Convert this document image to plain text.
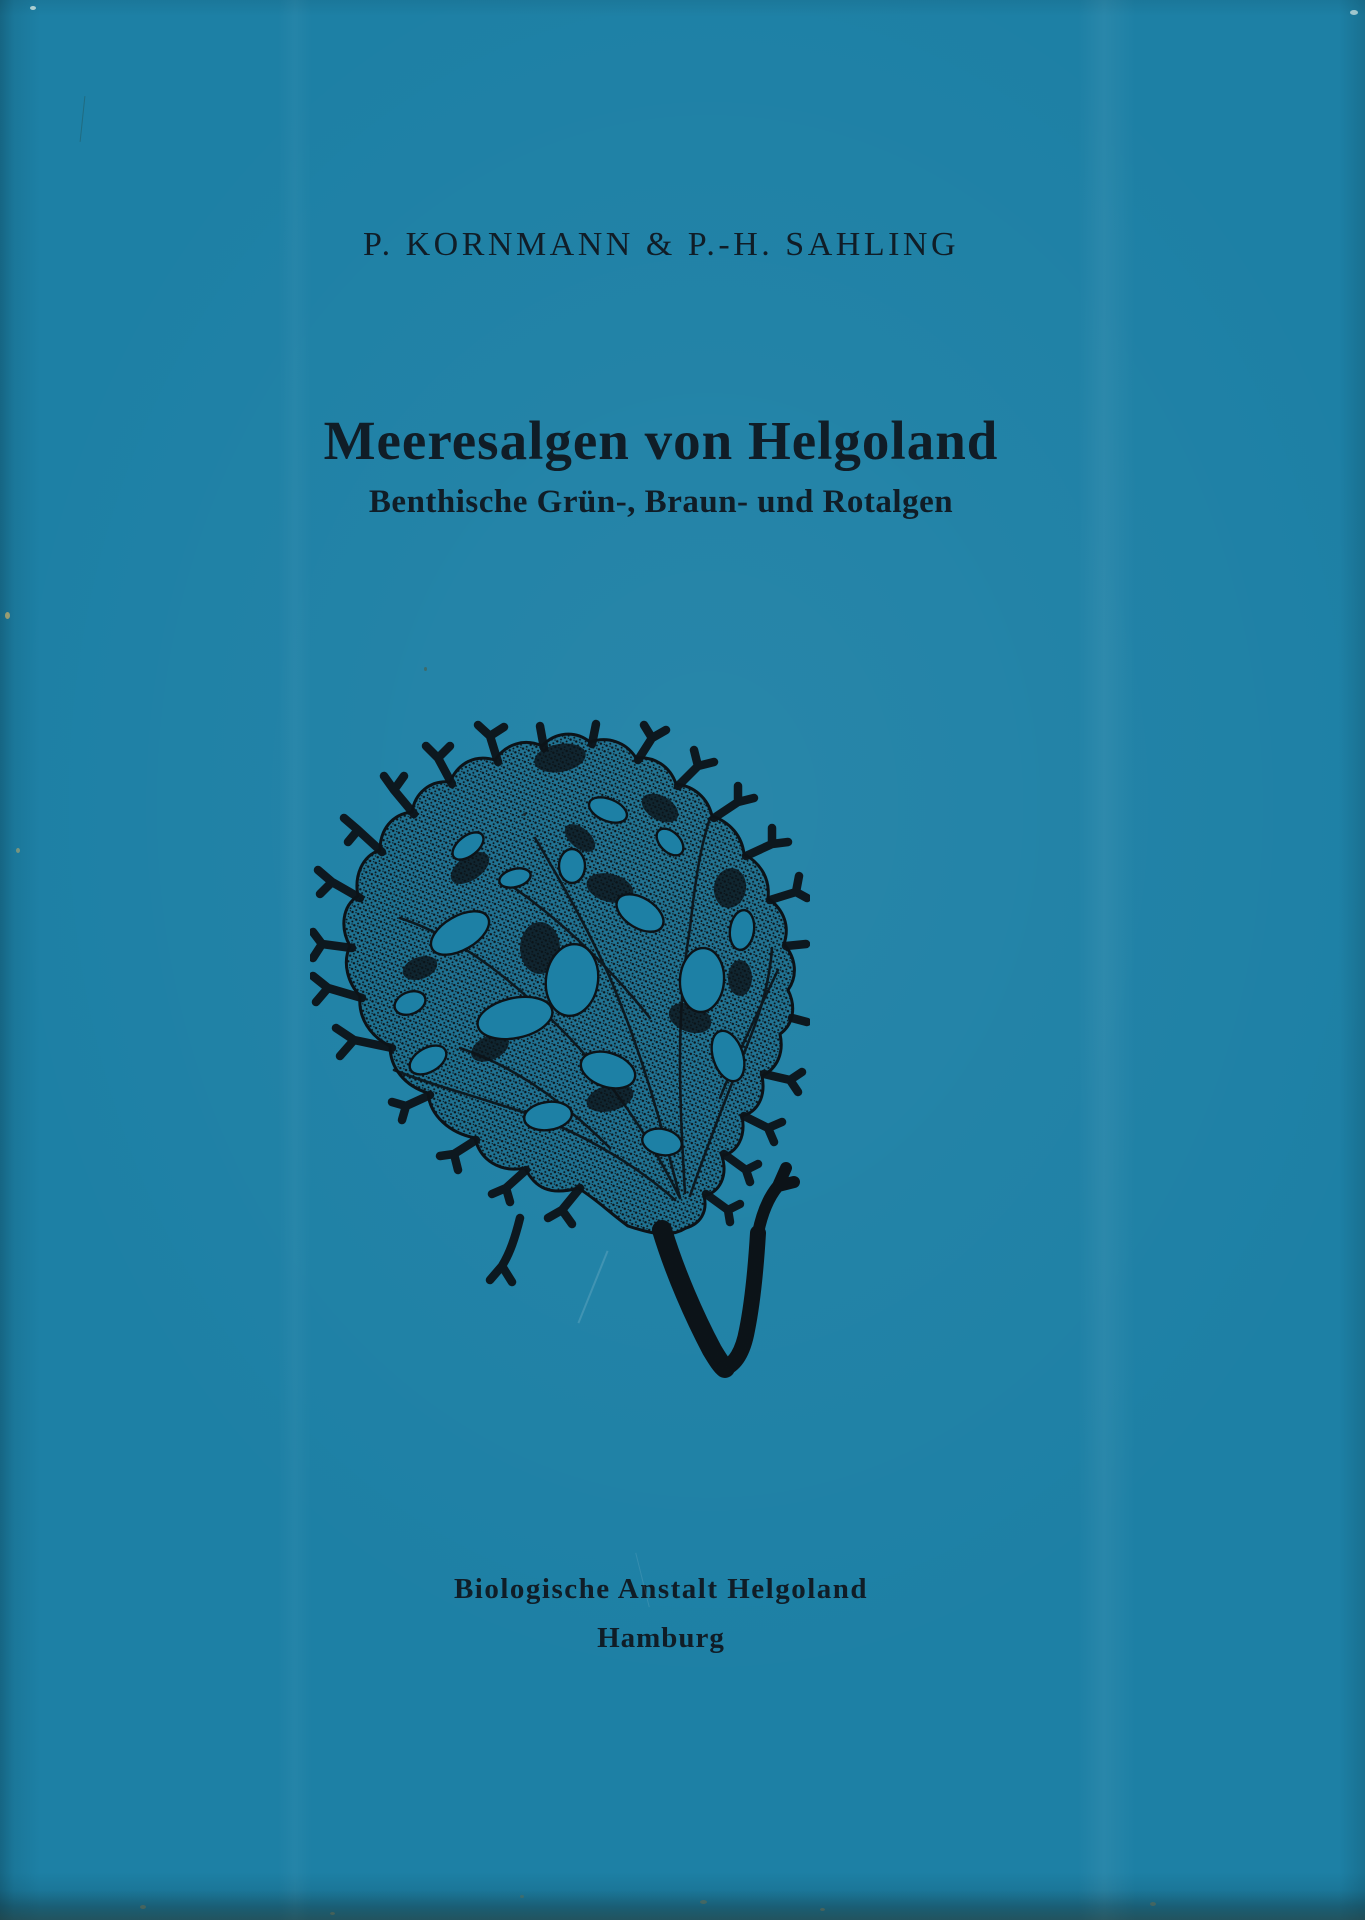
P. KORNMANN & P.-H. SAHLING
Meeresalgen von Helgoland
Benthische Grün-, Braun- und Rotalgen
Biologische Anstalt Helgoland
Hamburg
